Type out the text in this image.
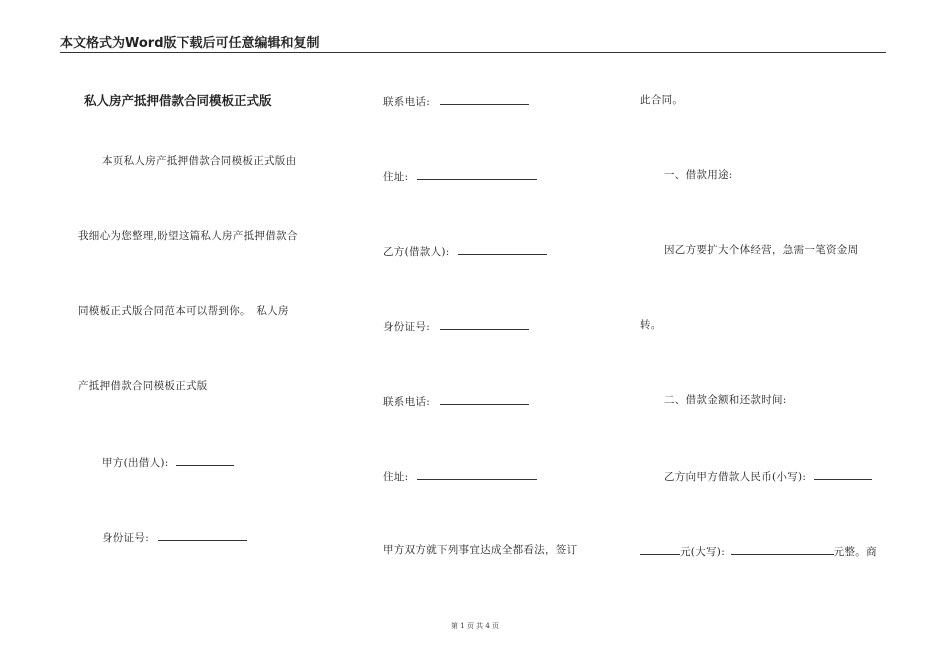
本文格式为Word版下载后可任意编辑和复制
私人房产抵押借款合同模板正式版
本页私人房产抵押借款合同模板正式版由
我细心为您整理,盼望这篇私人房产抵押借款合
同模板正式版合同范本可以帮到你。　私人房
产抵押借款合同模板正式版
甲方(出借人):
身份证号:
联系电话:
住址:
乙方(借款人):
身份证号:
联系电话:
住址:
甲方双方就下列事宜达成全都看法，签订
此合同。
一、借款用途:
因乙方要扩大个体经营，急需一笔资金周
转。
二、借款金额和还款时间:
乙方向甲方借款人民币(小写):
元(大写):	元整。商
第 1 页 共 4 页
